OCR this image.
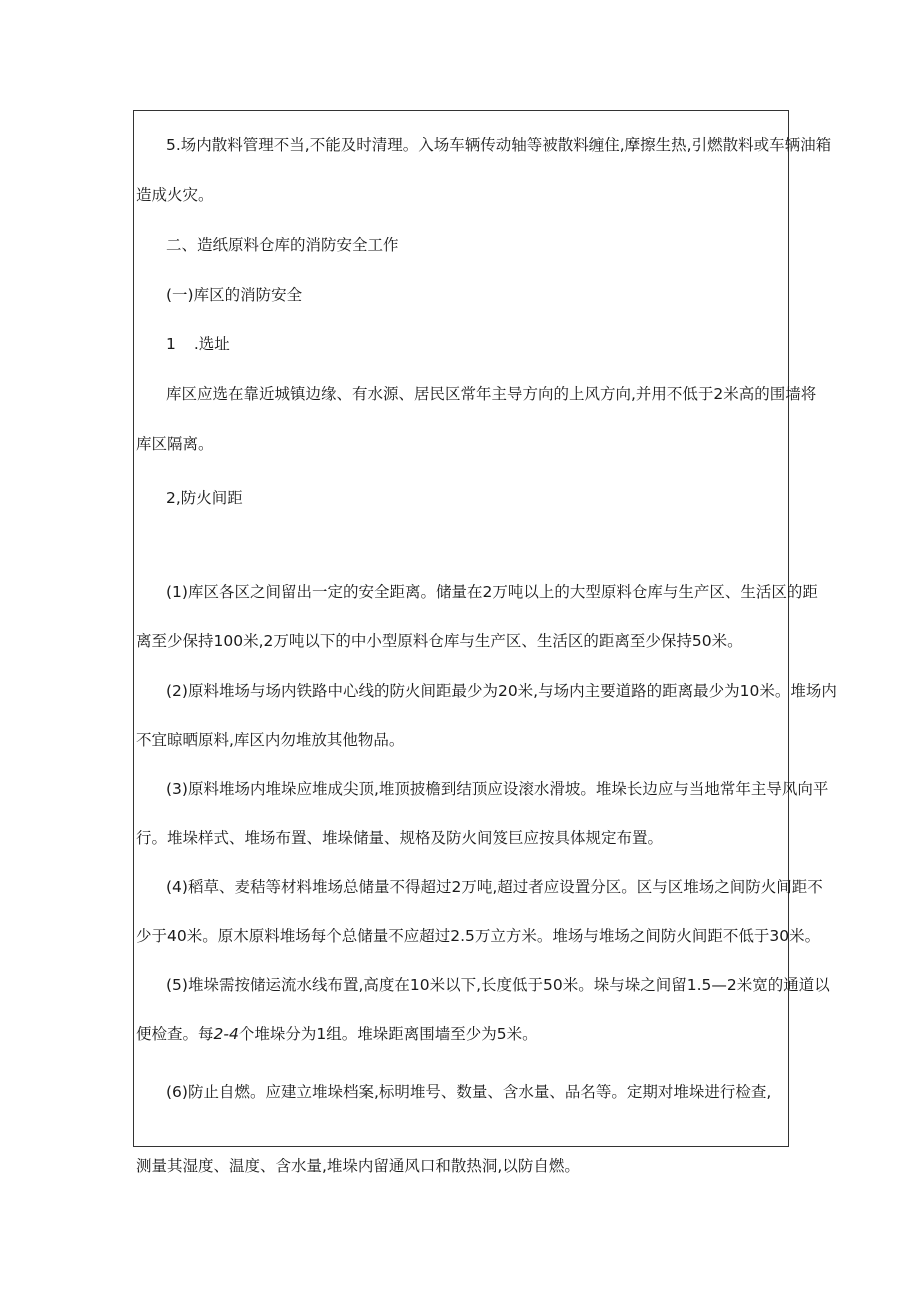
5.场内散料管理不当,不能及时清理。入场车辆传动轴等被散料缠住,摩擦生热,引燃散料或车辆油箱
造成火灾。
二、造纸原料仓库的消防安全工作
(一)库区的消防安全
1 .选址
库区应选在靠近城镇边缘、有水源、居民区常年主导方向的上风方向,并用不低于2米高的围墙将
库区隔离。
2,防火间距
(1)库区各区之间留出一定的安全距离。储量在2万吨以上的大型原料仓库与生产区、生活区的距
离至少保持100米,2万吨以下的中小型原料仓库与生产区、生活区的距离至少保持50米。
(2)原料堆场与场内铁路中心线的防火间距最少为20米,与场内主要道路的距离最少为10米。堆场内
不宜晾晒原料,库区内勿堆放其他物品。
(3)原料堆场内堆垛应堆成尖顶,堆顶披檐到结顶应设滚水滑坡。堆垛长边应与当地常年主导风向平
行。堆垛样式、堆场布置、堆垛储量、规格及防火间笈巨应按具体规定布置。
(4)稻草、麦秸等材料堆场总储量不得超过2万吨,超过者应设置分区。区与区堆场之间防火间距不
少于40米。原木原料堆场每个总储量不应超过2.5万立方米。堆场与堆场之间防火间距不低于30米。
(5)堆垛需按储运流水线布置,高度在10米以下,长度低于50米。垛与垛之间留1.5—2米宽的通道以
便检查。每2-4个堆垛分为1组。堆垛距离围墙至少为5米。
(6)防止自燃。应建立堆垛档案,标明堆号、数量、含水量、品名等。定期对堆垛进行检查,
测量其湿度、温度、含水量,堆垛内留通风口和散热洞,以防自燃。
